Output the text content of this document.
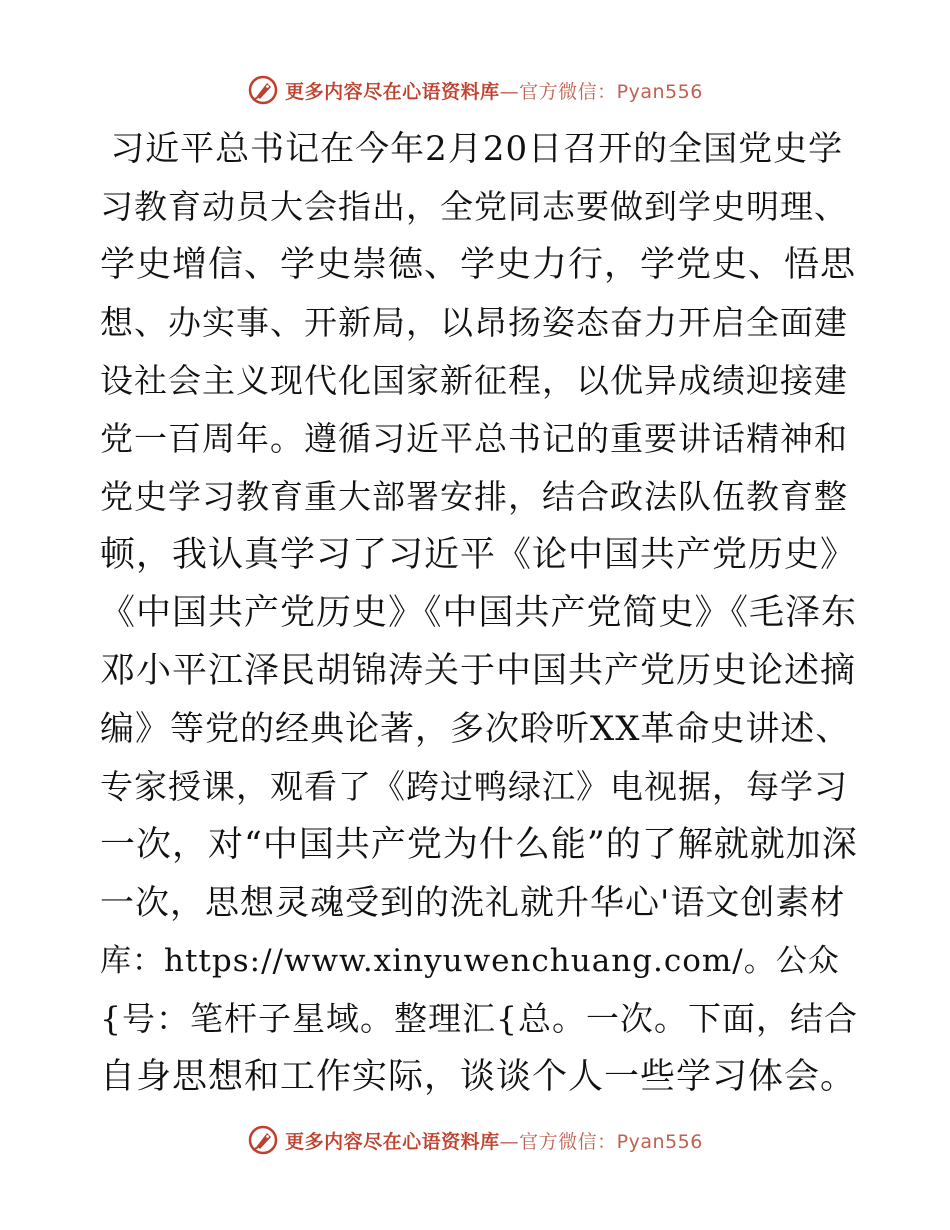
更多内容尽在心语资料库—官方微信：Pyan556
习近平总书记在今年2月20日召开的全国党史学
习教育动员大会指出，全党同志要做到学史明理、
学史增信、学史崇德、学史力行，学党史、悟思
想、办实事、开新局，以昂扬姿态奋力开启全面建
设社会主义现代化国家新征程，以优异成绩迎接建
党一百周年。遵循习近平总书记的重要讲话精神和
党史学习教育重大部署安排，结合政法队伍教育整
顿，我认真学习了习近平《论中国共产党历史》
《中国共产党历史》《中国共产党简史》《毛泽东
邓小平江泽民胡锦涛关于中国共产党历史论述摘
编》等党的经典论著，多次聆听XX革命史讲述、
专家授课，观看了《跨过鸭绿江》电视据，每学习
一次，对“中国共产党为什么能”的了解就就加深
一次，思想灵魂受到的洗礼就升华心'语文创素材
库：https://www.xinyuwenchuang.com/。公众
{号：笔杆子星域。整理汇{总。一次。下面，结合
自身思想和工作实际，谈谈个人一些学习体会。
更多内容尽在心语资料库—官方微信：Pyan556
